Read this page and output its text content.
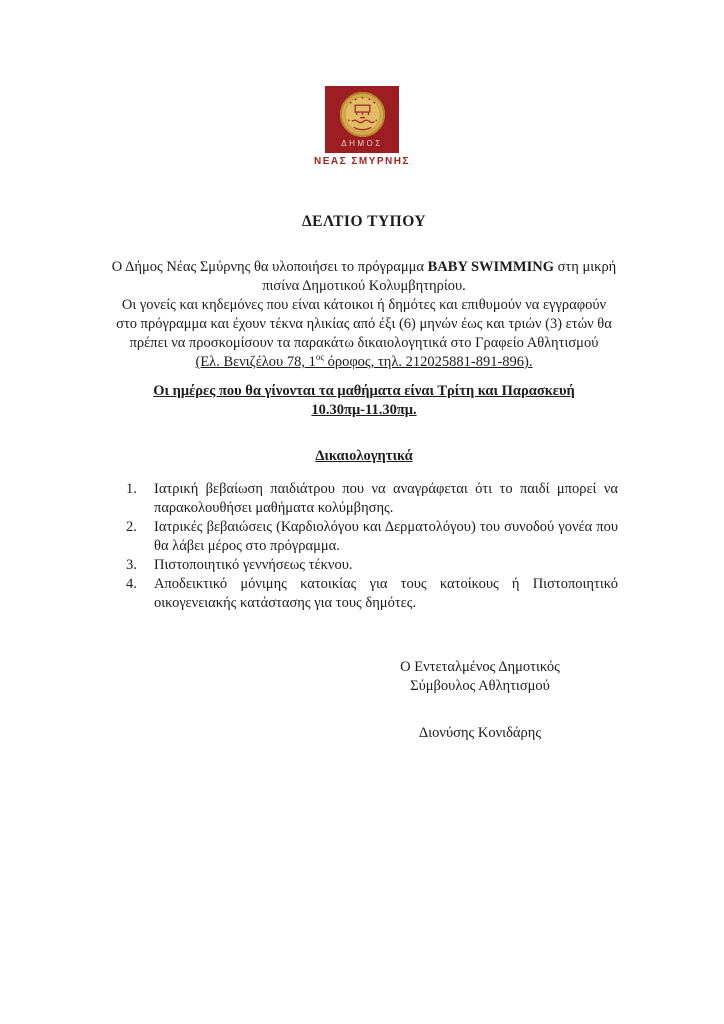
ΔΗΜΟΣ
ΝΕΑΣ ΣΜΥΡΝΗΣ
ΔΕΛΤΙΟ ΤΥΠΟΥ

Ο Δήμος Νέας Σμύρνης θα υλοποιήσει το πρόγραμμα BABY SWIMMING στη μικρή πισίνα Δημοτικού Κολυμβητηρίου.

Οι γονείς και κηδεμόνες που είναι κάτοικοι ή δημότες και επιθυμούν να εγγραφούν στο πρόγραμμα και έχουν τέκνα ηλικίας από έξι (6) μηνών έως και τριών (3) ετών θα πρέπει να προσκομίσουν τα παρακάτω δικαιολογητικά στο Γραφείο Αθλητισμού

(Ελ. Βενιζέλου 78, $1^{o\varsigma}$ όροφος, τηλ. 212025881-891-896).

Οι ημέρες που θα γίνονται τα μαθήματα είναι Τρίτη και Παρασκευή
10.30πμ-11.30πμ.
Δικαιολογητικά
1.	Ιατρική βεβαίωση παιδιάτρου που να αναγράφεται ότι το παιδί μπορεί να παρακολουθήσει μαθήματα κολύμβησης.
2.	Ιατρικές βεβαιώσεις (Καρδιολόγου και Δερματολόγου) του συνοδού γονέα που θα λάβει μέρος στο πρόγραμμα.
3.	Πιστοποιητικό γεννήσεως τέκνου.
4.	Αποδεικτικό μόνιμης κατοικίας για τους κατοίκους ή Πιστοποιητικό οικογενειακής κατάστασης για τους δημότες.
Ο Εντεταλμένος Δημοτικός
Σύμβουλος Αθλητισμού
Διονύσης Κονιδάρης
